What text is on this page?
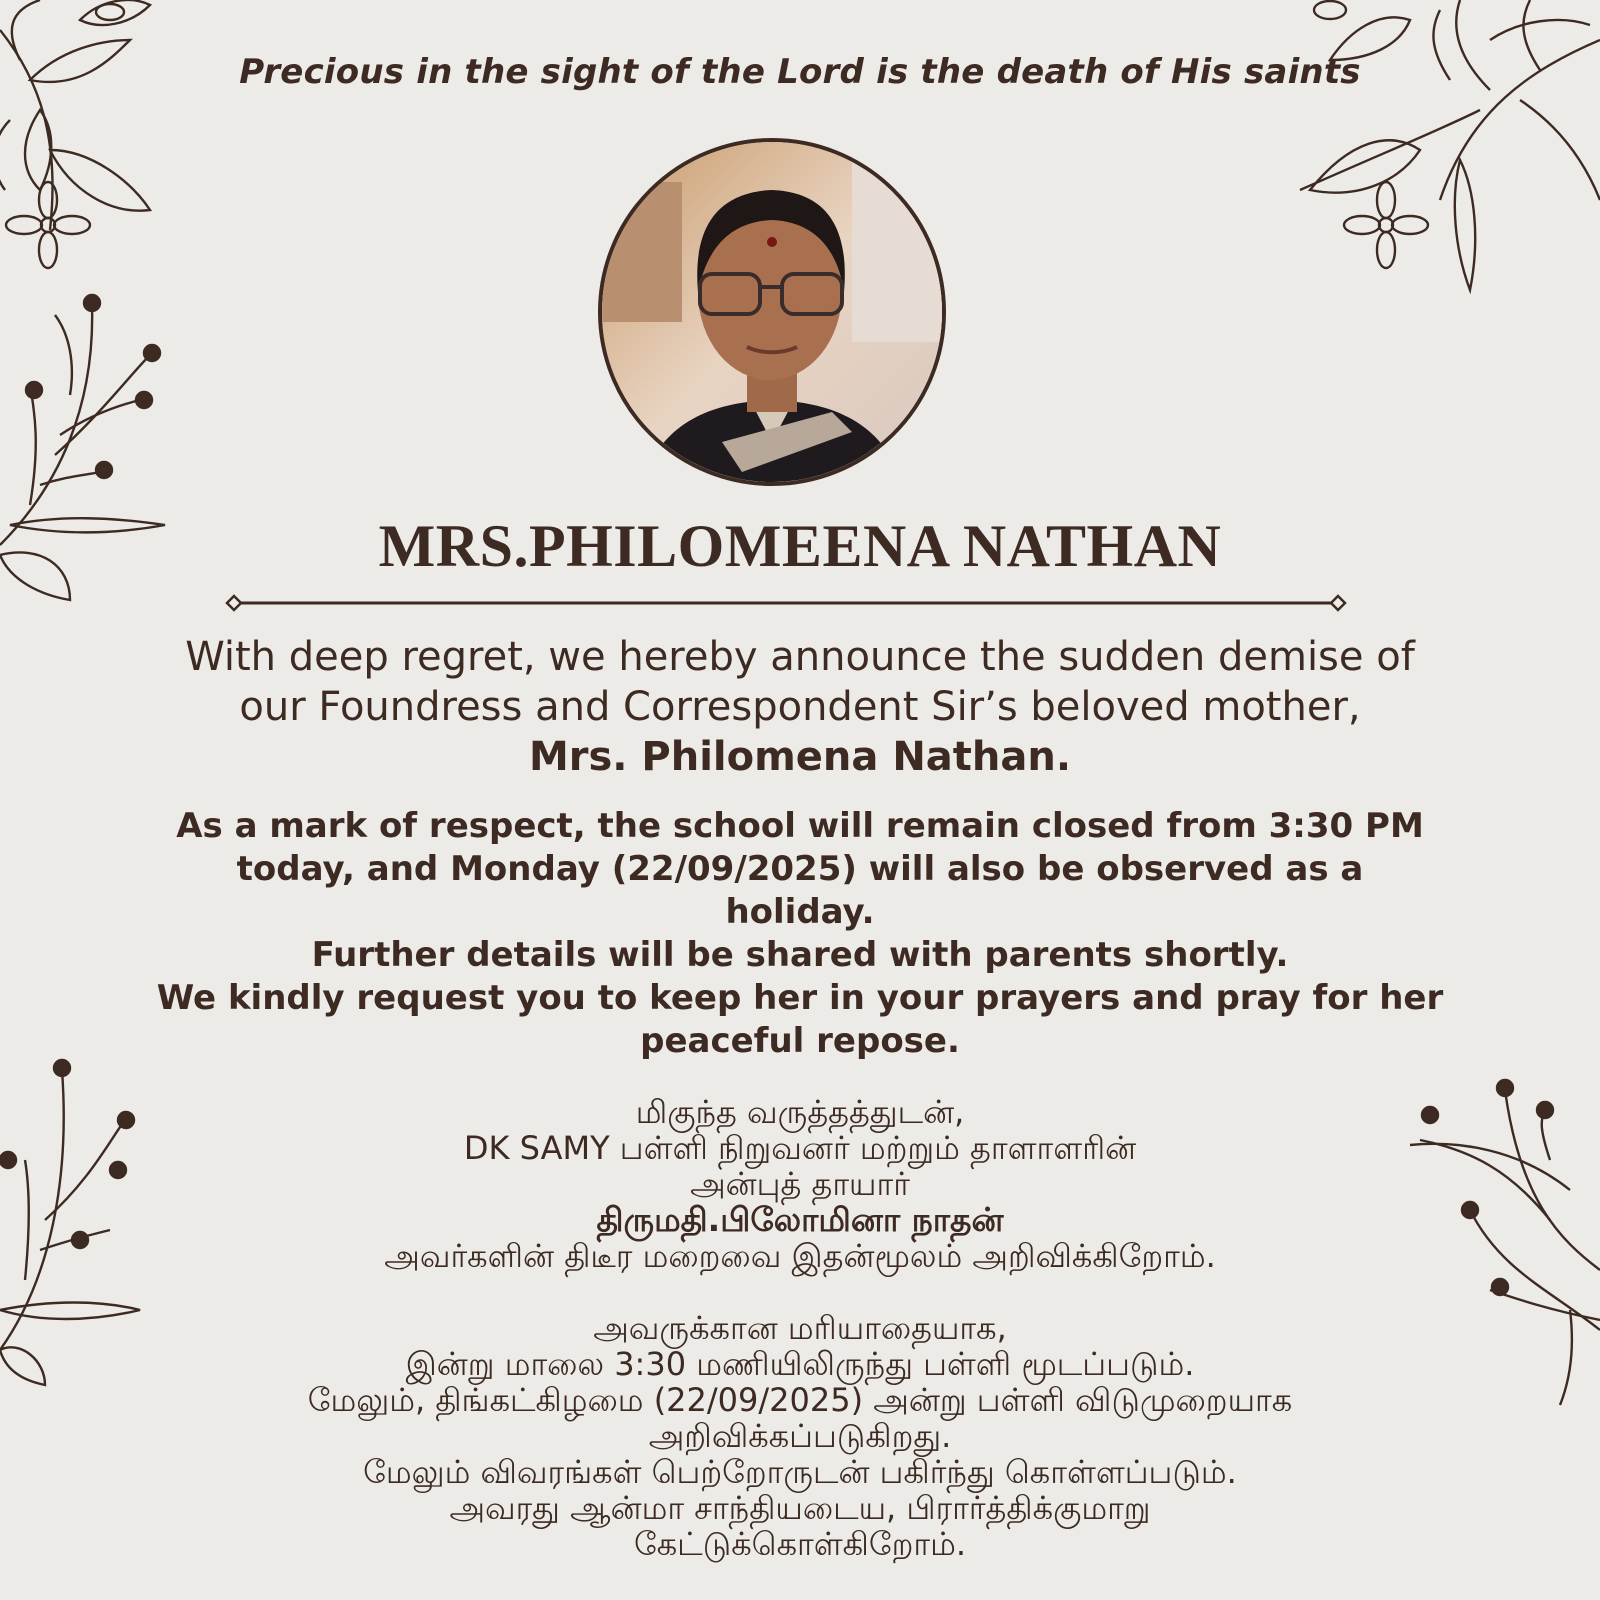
Precious in the sight of the Lord is the death of His saints
MRS.PHILOMEENA NATHAN
With deep regret, we hereby announce the sudden demise of
our Foundress and Correspondent Sir’s beloved mother,
Mrs. Philomena Nathan.
As a mark of respect, the school will remain closed from 3:30 PM
today, and Monday (22/09/2025) will also be observed as a
holiday.
Further details will be shared with parents shortly.
We kindly request you to keep her in your prayers and pray for her
peaceful repose.
மிகுந்த வருத்தத்துடன்,
DK SAMY பள்ளி நிறுவனர் மற்றும் தாளாளரின்
அன்புத் தாயார்
திருமதி.பிலோமினா நாதன்
அவர்களின் திடீர மறைவை இதன்மூலம் அறிவிக்கிறோம்.
அவருக்கான மரியாதையாக,
இன்று மாலை 3:30 மணியிலிருந்து பள்ளி மூடப்படும்.
மேலும், திங்கட்கிழமை (22/09/2025) அன்று பள்ளி விடுமுறையாக
அறிவிக்கப்படுகிறது.
மேலும் விவரங்கள் பெற்றோருடன் பகிர்ந்து கொள்ளப்படும்.
அவரது ஆன்மா சாந்தியடைய, பிரார்த்திக்குமாறு
கேட்டுக்கொள்கிறோம்.
